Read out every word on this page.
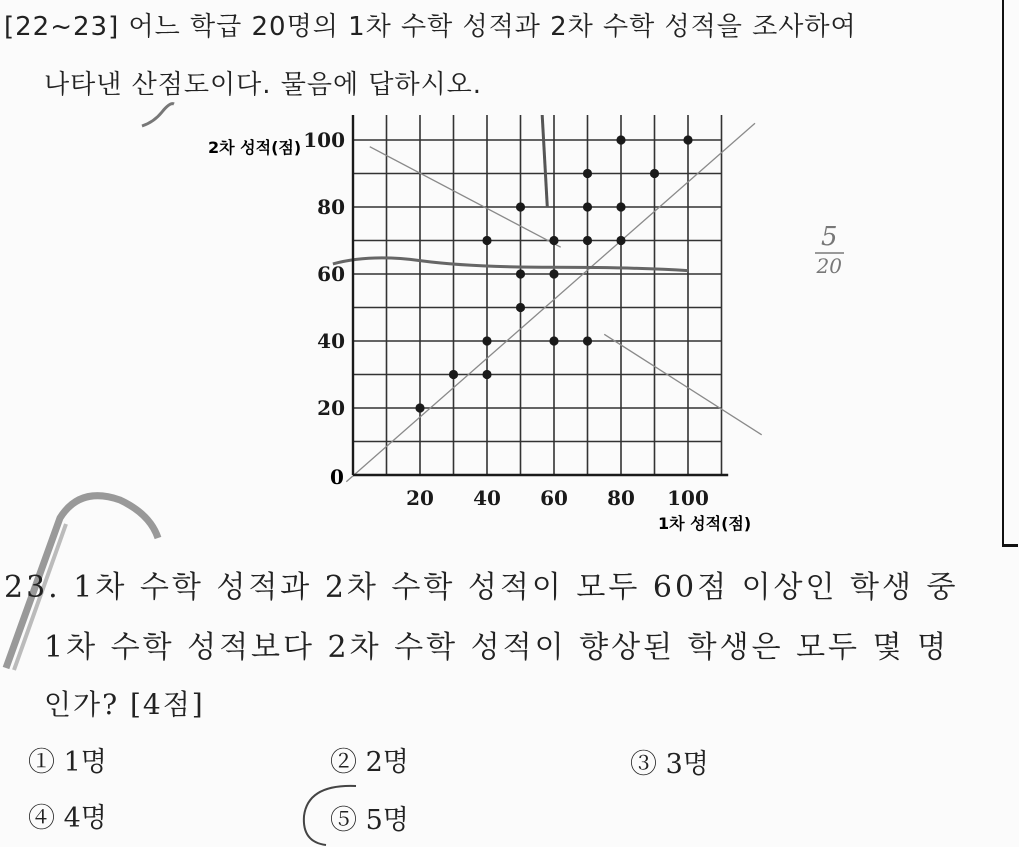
[22~23] 어느 학급 20명의 1차 수학 성적과 2차 수학 성적을 조사하여
나타낸 산점도이다. 물음에 답하시오.
20
20
40
40
60
60
80
80
100
100
2차 성적(점)
1차 성적(점)
0
5
20
23. 1차 수학 성적과 2차 수학 성적이 모두 60점 이상인 학생 중
1차 수학 성적보다 2차 수학 성적이 향상된 학생은 모두 몇 명
인가? [4점]
① 1명	② 2명	③ 3명
④ 4명	⑤ 5명
